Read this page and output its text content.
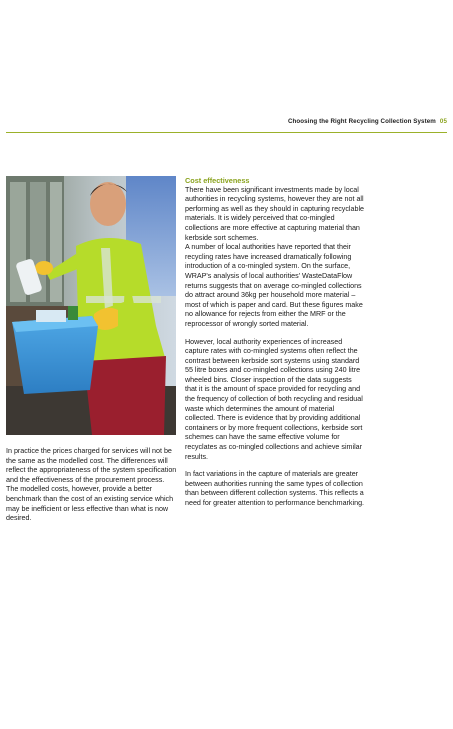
Choosing the Right Recycling Collection System 05

In practice the prices charged for services will not be the same as the modelled cost. The differences will reflect the appropriateness of the system specification and the effectiveness of the procurement process. The modelled costs, however, provide a better benchmark than the cost of an existing service which may be inefficient or less effective than what is now desired.

Cost effectiveness

There have been significant investments made by local authorities in recycling systems, however they are not all performing as well as they should in capturing recyclable materials. It is widely perceived that co-mingled collections are more effective at capturing material than kerbside sort schemes.

A number of local authorities have reported that their recycling rates have increased dramatically following introduction of a co-mingled system. On the surface, WRAP's analysis of local authorities' WasteDataFlow returns suggests that on average co-mingled collections do attract around 36kg per household more material – most of which is paper and card. But these figures make no allowance for rejects from either the MRF or the reprocessor of wrongly sorted material.

However, local authority experiences of increased capture rates with co-mingled systems often reflect the contrast between kerbside sort systems using standard 55 litre boxes and co-mingled collections using 240 litre wheeled bins. Closer inspection of the data suggests that it is the amount of space provided for recycling and the frequency of collection of both recycling and residual waste which determines the amount of material collected. There is evidence that by providing additional containers or by more frequent collections, kerbside sort schemes can have the same effective volume for recyclates as co-mingled collections and achieve similar results.

In fact variations in the capture of materials are greater between authorities running the same types of collection than between different collection systems. This reflects a need for greater attention to performance benchmarking.
